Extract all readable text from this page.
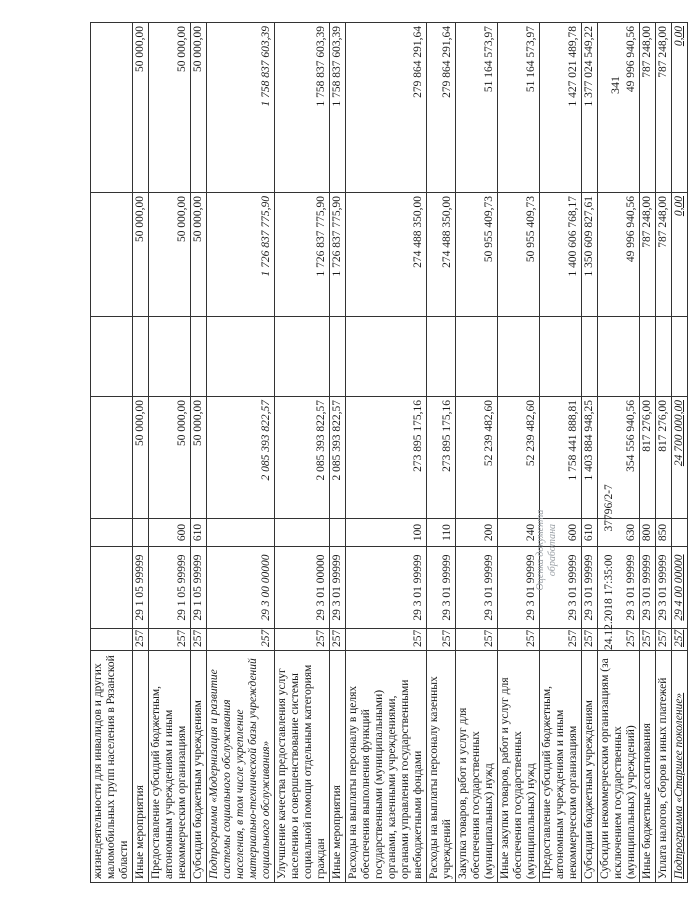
жизнедеятельности для инвалидов и других маломобильных групп населения в Рязанской области							
Иные мероприятия	257	29 1 05 99999		50 000,00		50 000,00	50 000,00
Предоставление субсидий бюджетным, автономным учреждениям и иным некоммерческим организациям	257	29 1 05 99999	600	50 000,00		50 000,00	50 000,00
Субсидии бюджетным учреждениям	257	29 1 05 99999	610	50 000,00		50 000,00	50 000,00
Подпрограмма «Модернизация и развитие системы социального обслуживания населения, в том числе укрепление материально-технической базы учреждений социального обслуживания»	257	29 3 00 00000		2 085 393 822,57		1 726 837 775,90	1 758 837 603,39
Улучшение качества предоставления услуг населению и совершенствование системы социальной помощи отдельным категориям граждан	257	29 3 01 00000		2 085 393 822,57		1 726 837 775,90	1 758 837 603,39
Иные мероприятия	257	29 3 01 99999		2 085 393 822,57		1 726 837 775,90	1 758 837 603,39
Расходы на выплаты персоналу в целях обеспечения выполнения функций государственными (муниципальными) органами, казенными учреждениями, органами управления государственными внебюджетными фондами	257	29 3 01 99999	100	273 895 175,16		274 488 350,00	279 864 291,64
Расходы на выплаты персоналу казенных учреждений	257	29 3 01 99999	110	273 895 175,16		274 488 350,00	279 864 291,64
Закупка товаров, работ и услуг для обеспечения государственных (муниципальных) нужд	257	29 3 01 99999	200	52 239 482,60		50 955 409,73	51 164 573,97
Иные закупки товаров, работ и услуг для обеспечения государственных (муниципальных) нужд	257	29 3 01 99999	240	52 239 482,60		50 955 409,73	51 164 573,97
Предоставление субсидий бюджетным, автономным учреждениям и иным некоммерческим организациям	257	29 3 01 99999	600	1 758 441 888,81		1 400 606 768,17	1 427 021 489,78
Субсидии бюджетным учреждениям	257	29 3 01 99999	610	1 403 884 948,25		1 350 609 827,61	1 377 024 549,22
Субсидии некоммерческим организациям (за исключением государственных (муниципальных) учреждений)	257	29 3 01 99999	630	354 556 940,56		49 996 940,56	49 996 940,56
Иные бюджетные ассигнования	257	29 3 01 99999	800	817 276,00		787 248,00	787 248,00
Уплата налогов, сборов и иных платежей	257	29 3 01 99999	850	817 276,00		787 248,00	787 248,00
Подпрограмма «Старшее поколение»	257	29 4 00 00000		24 700 000,00		0,00	0,00
341
24.12.2018 17:35:00        37796/2-7
Оценка документа обработана
